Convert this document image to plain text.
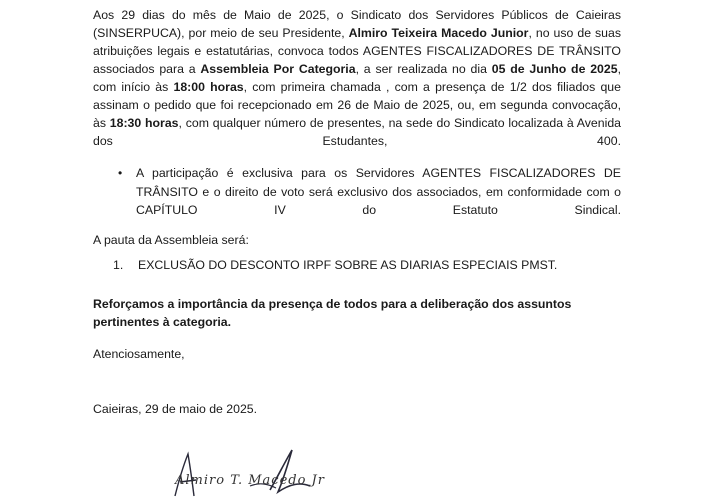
Aos 29 dias do mês de Maio de 2025, o Sindicato dos Servidores Públicos de Caieiras (SINSERPUCA), por meio de seu Presidente, Almiro Teixeira Macedo Junior, no uso de suas atribuições legais e estatutárias, convoca todos AGENTES FISCALIZADORES DE TRÂNSITO associados para a Assembleia Por Categoria, a ser realizada no dia 05 de Junho de 2025, com início às 18:00 horas, com primeira chamada , com a presença de 1/2 dos filiados que assinam o pedido que foi recepcionado em 26 de Maio de 2025, ou, em segunda convocação, às 18:30 horas, com qualquer número de presentes, na sede do Sindicato localizada à Avenida dos Estudantes, 400.
• A participação é exclusiva para os Servidores AGENTES FISCALIZADORES DE TRÂNSITO e o direito de voto será exclusivo dos associados, em conformidade com o CAPÍTULO IV do Estatuto Sindical.
A pauta da Assembleia será:
1. EXCLUSÃO DO DESCONTO IRPF SOBRE AS DIARIAS ESPECIAIS PMST.
Reforçamos a importância da presença de todos para a deliberação dos assuntos pertinentes à categoria.
Atenciosamente,
Caieiras, 29 de maio de 2025.
Almiro T. Macedo Jr
